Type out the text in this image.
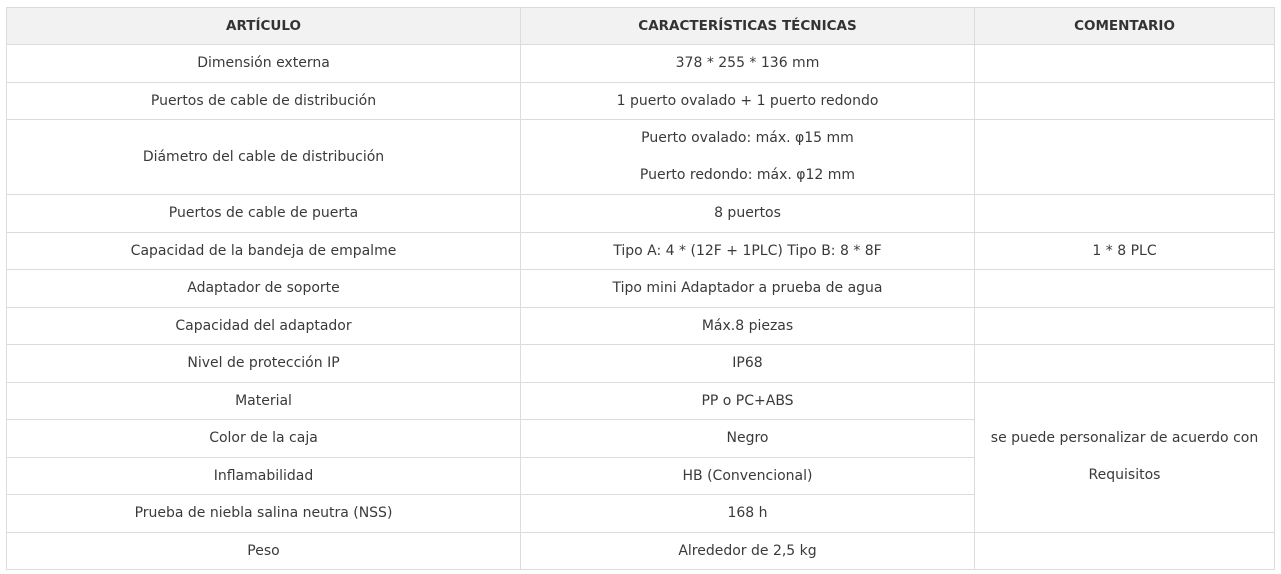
ARTÍCULO	CARACTERÍSTICAS TÉCNICAS	COMENTARIO
Dimensión externa	378 * 255 * 136 mm	
Puertos de cable de distribución	1 puerto ovalado + 1 puerto redondo	
Diámetro del cable de distribución	Puerto ovalado: máx. φ15 mm
Puerto redondo: máx. φ12 mm	

Puertos de cable de puerta	8 puertos	
Capacidad de la bandeja de empalme	Tipo A: 4 * (12F + 1PLC) Tipo B: 8 * 8F	1 * 8 PLC
Adaptador de soporte	Tipo mini Adaptador a prueba de agua	
Capacidad del adaptador	Máx.8 piezas	
Nivel de protección IP	IP68	
Material	PP o PC+ABS	se puede personalizar de acuerdo con
Requisitos

Color de la caja	Negro	
Inflamabilidad	HB (Convencional)	
Prueba de niebla salina neutra (NSS)	168 h	
Peso	Alrededor de 2,5 kg	
